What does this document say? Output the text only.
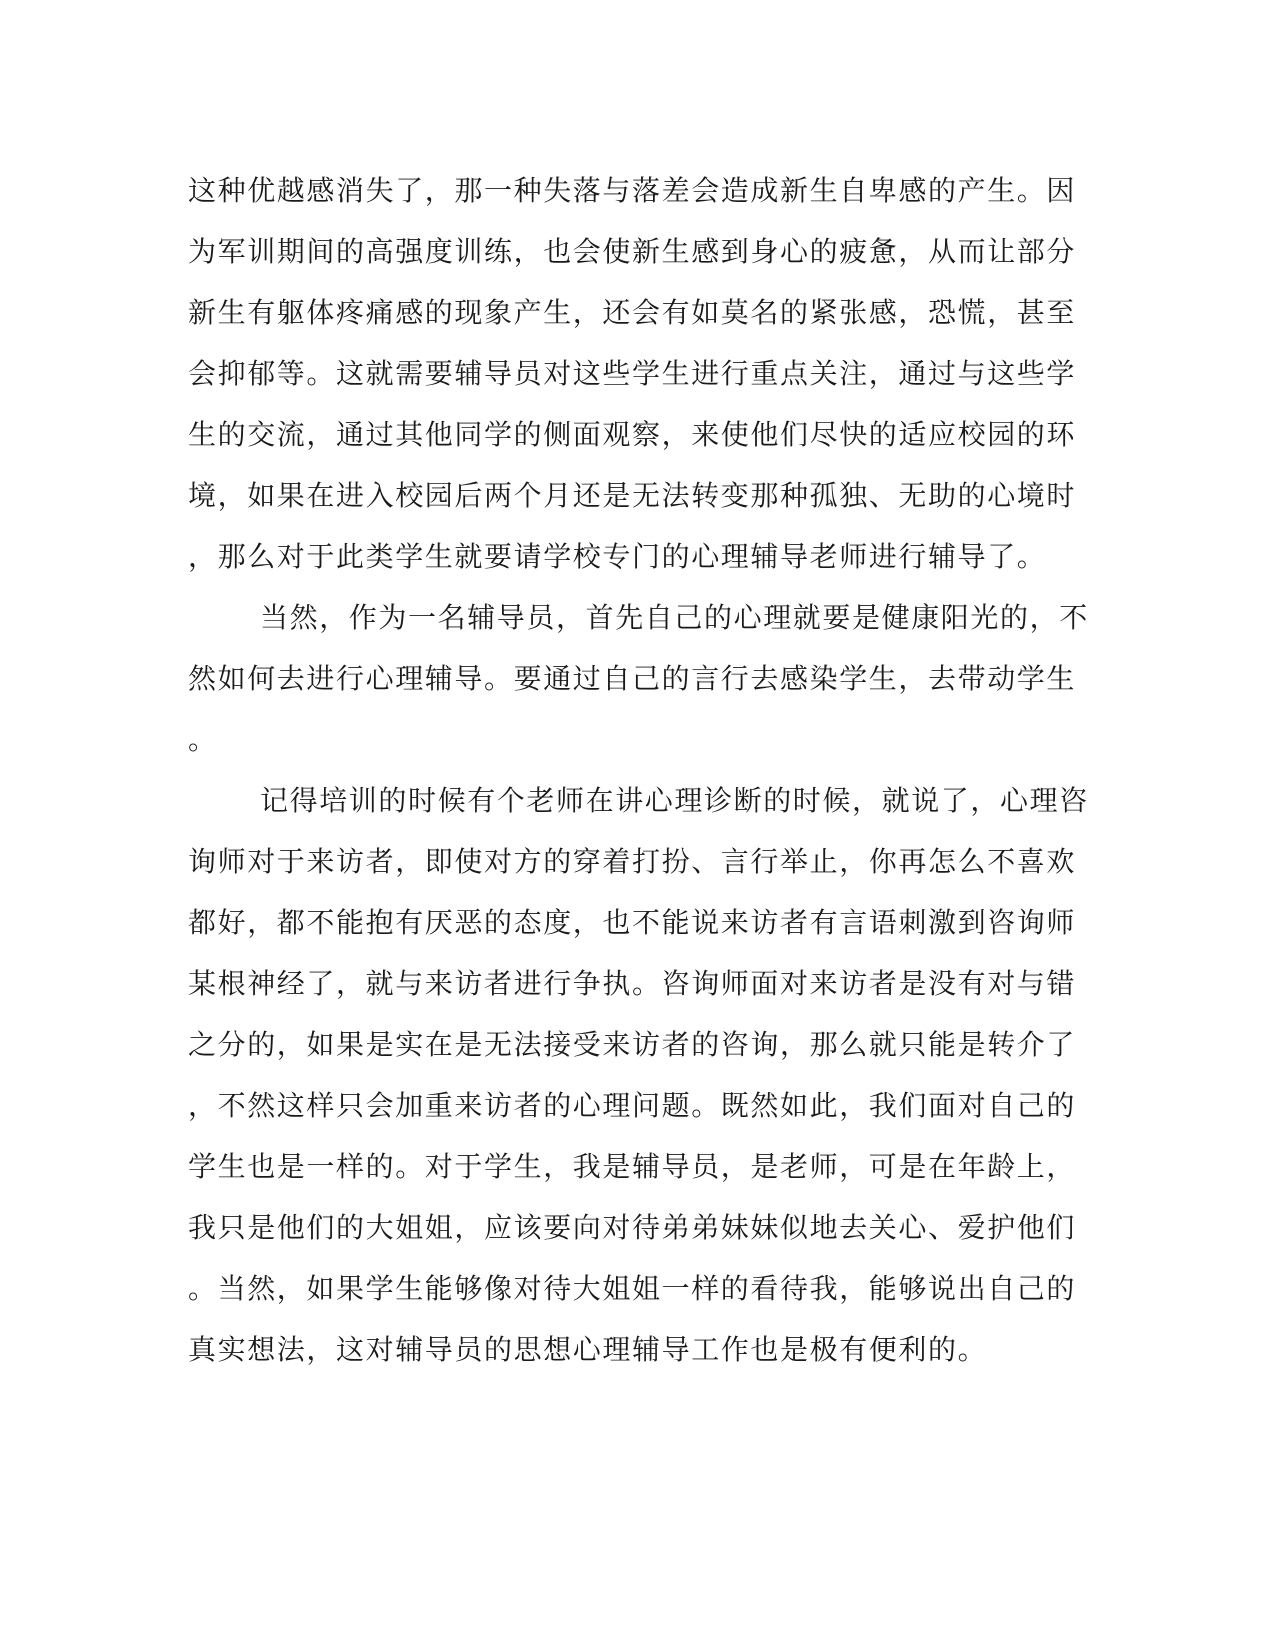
这种优越感消失了，那一种失落与落差会造成新生自卑感的产生。因
为军训期间的高强度训练，也会使新生感到身心的疲惫，从而让部分
新生有躯体疼痛感的现象产生，还会有如莫名的紧张感，恐慌，甚至
会抑郁等。这就需要辅导员对这些学生进行重点关注，通过与这些学
生的交流，通过其他同学的侧面观察，来使他们尽快的适应校园的环
境，如果在进入校园后两个月还是无法转变那种孤独、无助的心境时
，那么对于此类学生就要请学校专门的心理辅导老师进行辅导了。
当然，作为一名辅导员，首先自己的心理就要是健康阳光的，不
然如何去进行心理辅导。要通过自己的言行去感染学生，去带动学生
。
记得培训的时候有个老师在讲心理诊断的时候，就说了，心理咨
询师对于来访者，即使对方的穿着打扮、言行举止，你再怎么不喜欢
都好，都不能抱有厌恶的态度，也不能说来访者有言语刺激到咨询师
某根神经了，就与来访者进行争执。咨询师面对来访者是没有对与错
之分的，如果是实在是无法接受来访者的咨询，那么就只能是转介了
，不然这样只会加重来访者的心理问题。既然如此，我们面对自己的
学生也是一样的。对于学生，我是辅导员，是老师，可是在年龄上，
我只是他们的大姐姐，应该要向对待弟弟妹妹似地去关心、爱护他们
。当然，如果学生能够像对待大姐姐一样的看待我，能够说出自己的
真实想法，这对辅导员的思想心理辅导工作也是极有便利的。
